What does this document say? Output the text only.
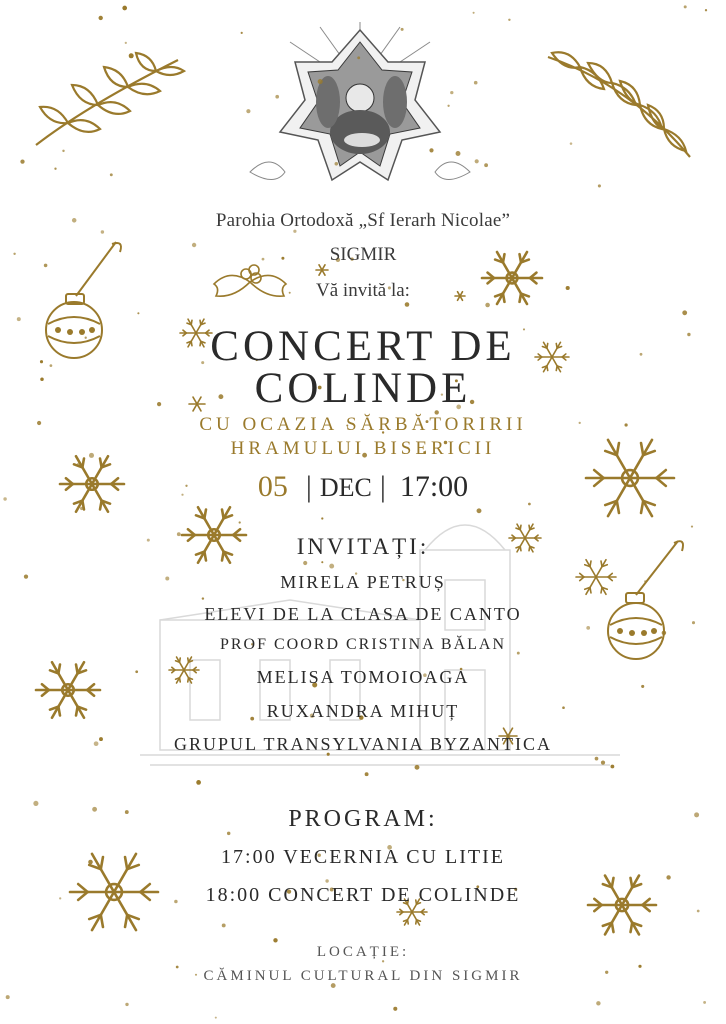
Parohia Ortodoxă „Sf Ierarh Nicolae”

SIGMIR

Vă invită la:

CONCERT DE

COLINDE

CU OCAZIA SĂRBĂTORIRII

HRAMULUI BISERICII

05 | DEC | 17:00

INVITAȚI:

MIRELA PETRUȘ

ELEVI DE LA CLASA DE CANTO

PROF COORD CRISTINA BĂLAN

MELISA TOMOIOAGA

RUXANDRA MIHUȚ

GRUPUL TRANSYLVANIA BYZANTICA

PROGRAM:

17:00 VECERNIA CU LITIE

18:00 CONCERT DE COLINDE

LOCAȚIE:

CĂMINUL CULTURAL DIN SIGMIR
